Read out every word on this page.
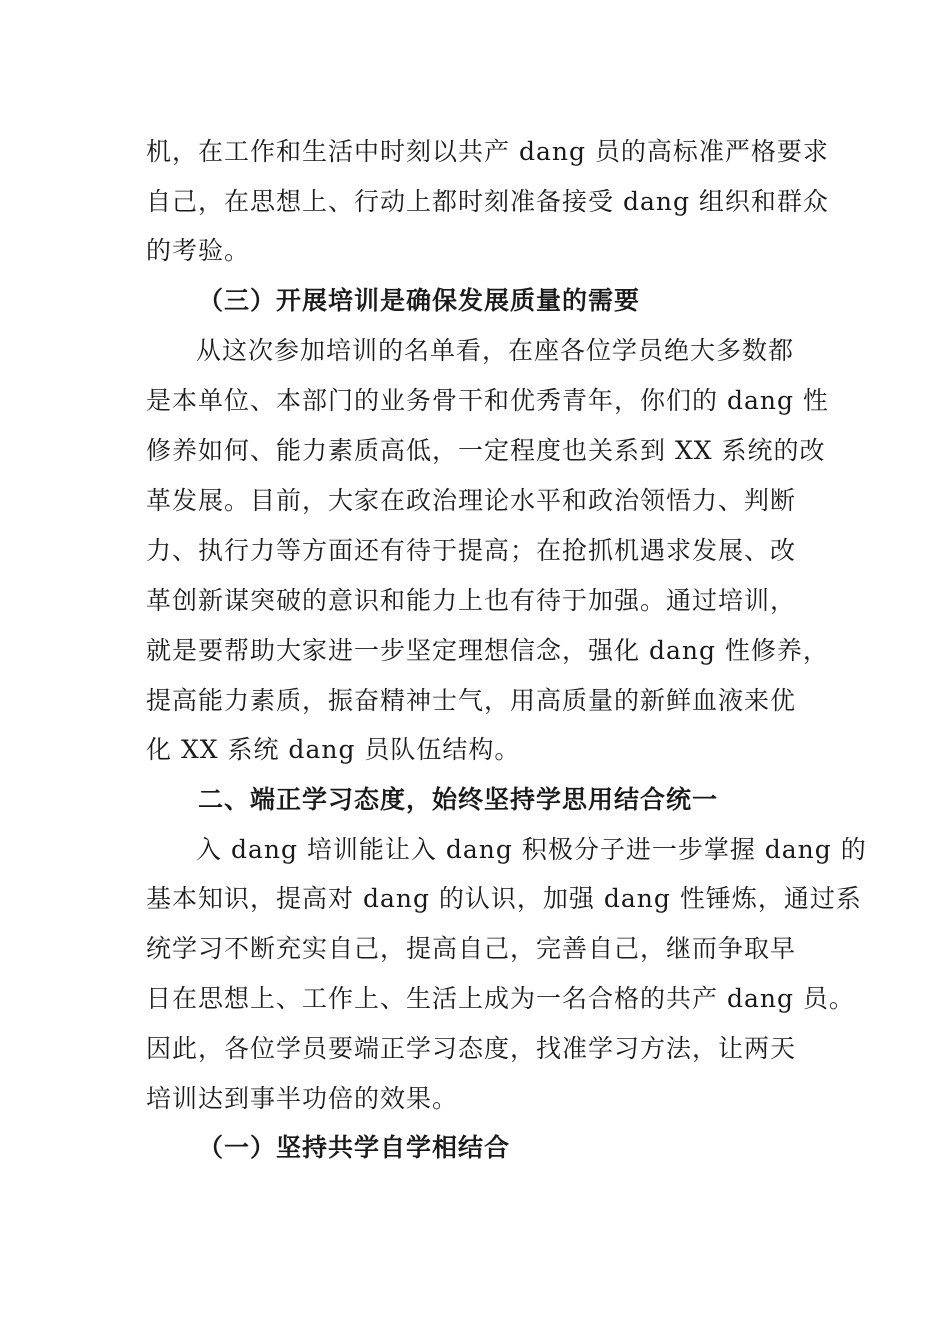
机，在工作和生活中时刻以共产 dang 员的高标准严格要求
自己，在思想上、行动上都时刻准备接受 dang 组织和群众
的考验。
（三）开展培训是确保发展质量的需要
从这次参加培训的名单看，在座各位学员绝大多数都
是本单位、本部门的业务骨干和优秀青年，你们的 dang 性
修养如何、能力素质高低，一定程度也关系到 XX 系统的改
革发展。目前，大家在政治理论水平和政治领悟力、判断
力、执行力等方面还有待于提高；在抢抓机遇求发展、改
革创新谋突破的意识和能力上也有待于加强。通过培训，
就是要帮助大家进一步坚定理想信念，强化 dang 性修养，
提高能力素质，振奋精神士气，用高质量的新鲜血液来优
化 XX 系统 dang 员队伍结构。
二、端正学习态度，始终坚持学思用结合统一
入 dang 培训能让入 dang 积极分子进一步掌握 dang 的
基本知识，提高对 dang 的认识，加强 dang 性锤炼，通过系
统学习不断充实自己，提高自己，完善自己，继而争取早
日在思想上、工作上、生活上成为一名合格的共产 dang 员。
因此，各位学员要端正学习态度，找准学习方法，让两天
培训达到事半功倍的效果。
（一）坚持共学自学相结合
